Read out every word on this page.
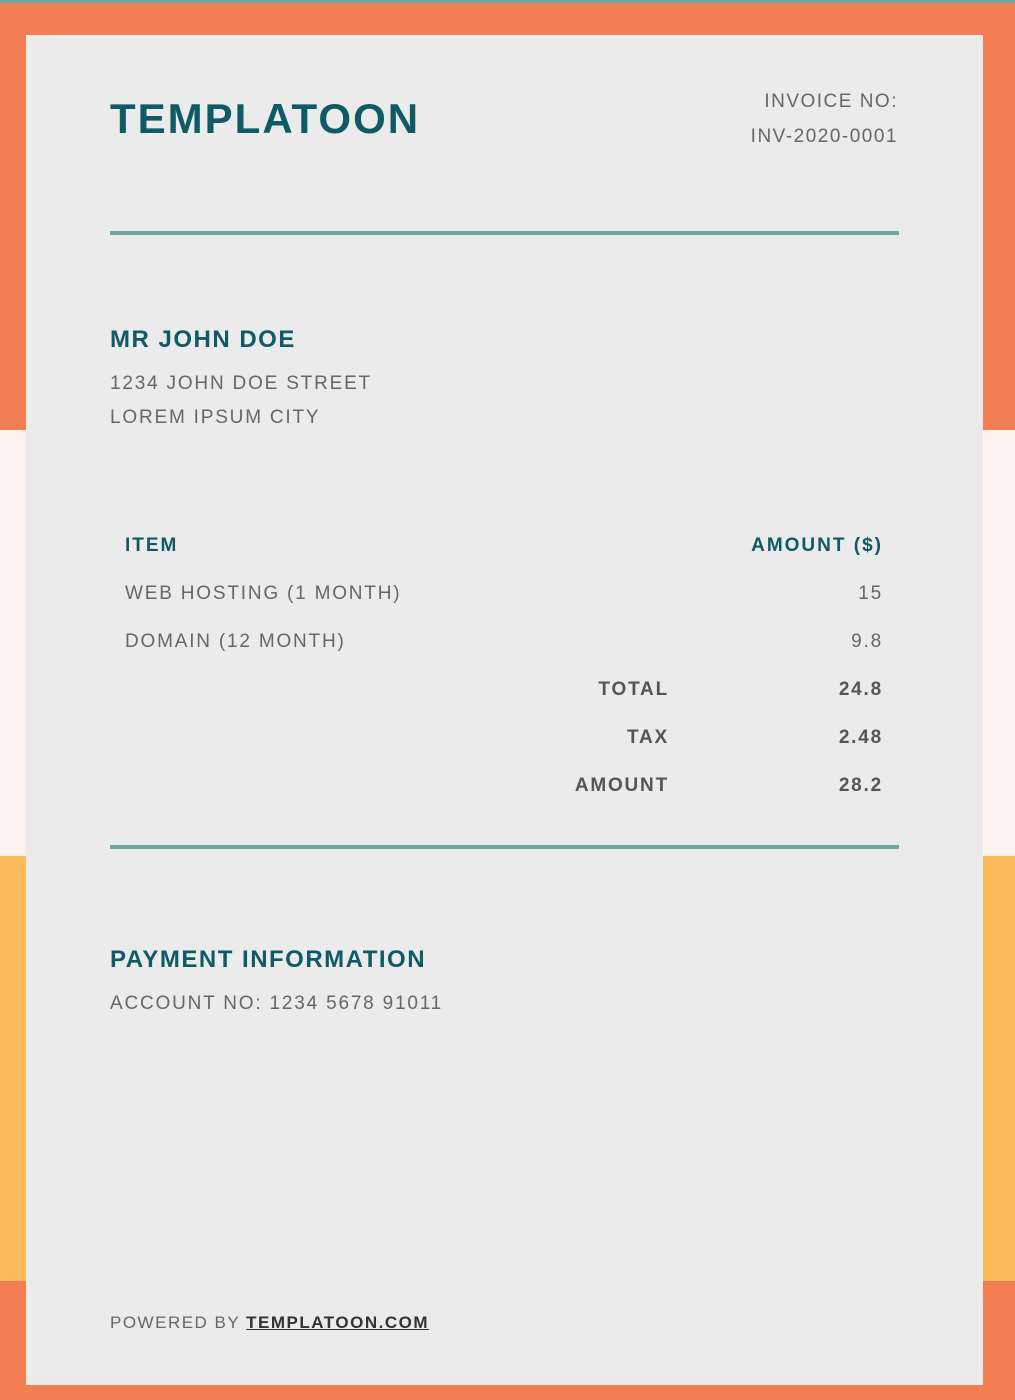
TEMPLATOON	INVOICE NO:
INV-2020-0001
MR JOHN DOE
1234 JOHN DOE STREET
LOREM IPSUM CITY
ITEM	AMOUNT ($)
WEB HOSTING (1 MONTH)	15
DOMAIN (12 MONTH)	9.8
TOTAL	24.8
TAX	2.48
AMOUNT	28.2
PAYMENT INFORMATION
ACCOUNT NO: 1234 5678 91011
POWERED BY TEMPLATOON.COM
